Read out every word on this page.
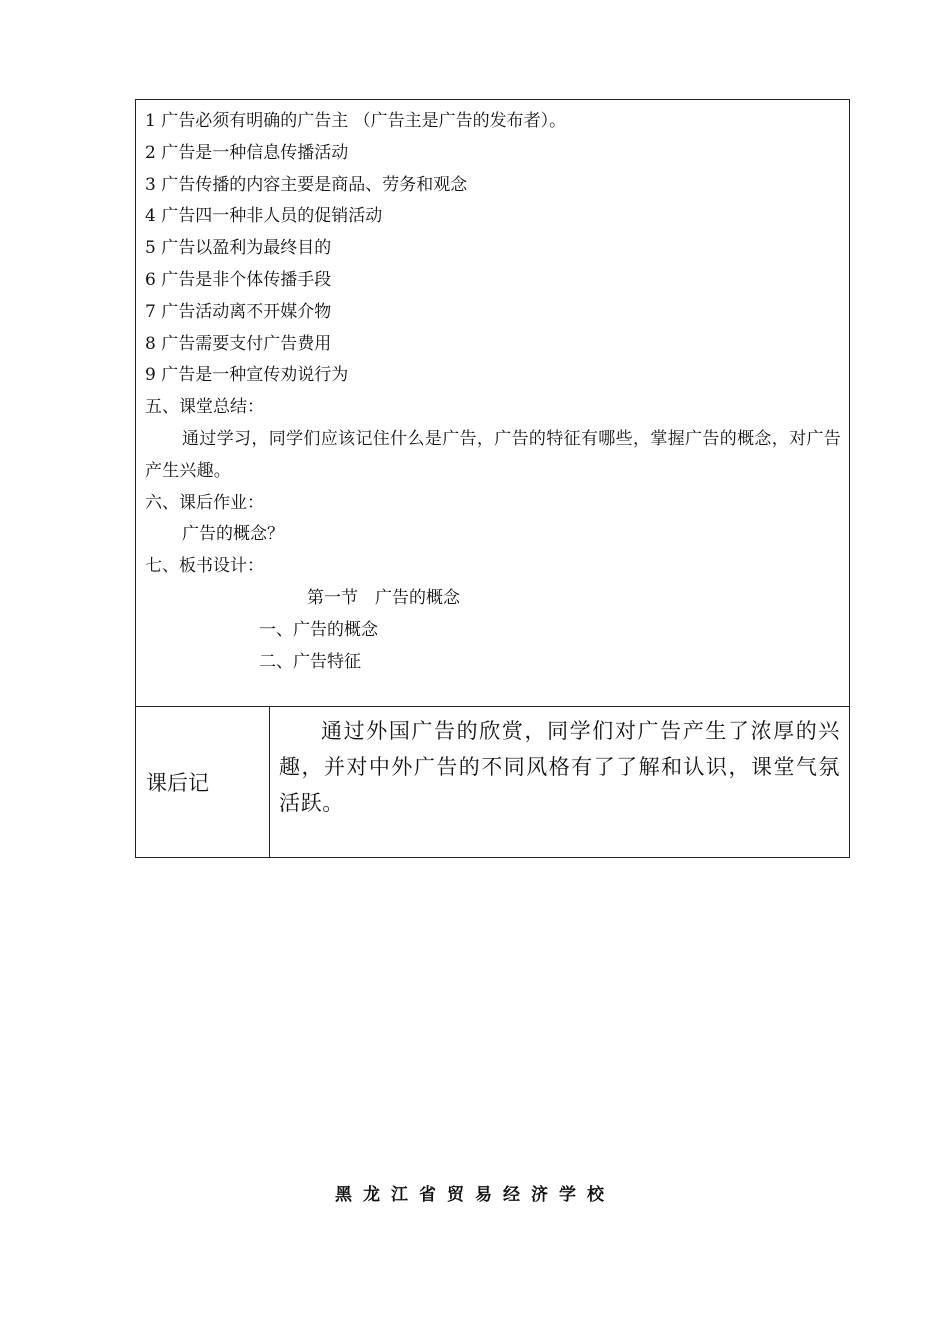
1 广告必须有明确的广告主 （广告主是广告的发布者）。
2 广告是一种信息传播活动
3 广告传播的内容主要是商品、劳务和观念
4 广告四一种非人员的促销活动
5 广告以盈利为最终目的
6 广告是非个体传播手段
7 广告活动离不开媒介物
8 广告需要支付广告费用
9 广告是一种宣传劝说行为
五、课堂总结：
通过学习，同学们应该记住什么是广告，广告的特征有哪些，掌握广告的概念，对广告产生兴趣。
六、课后作业：
广告的概念？
七、板书设计：
第一节　广告的概念
一、广告的概念
二、广告特征

课后记	通过外国广告的欣赏，同学们对广告产生了浓厚的兴趣，并对中外广告的不同风格有了了解和认识，课堂气氛活跃。
黑龙江省贸易经济学校
